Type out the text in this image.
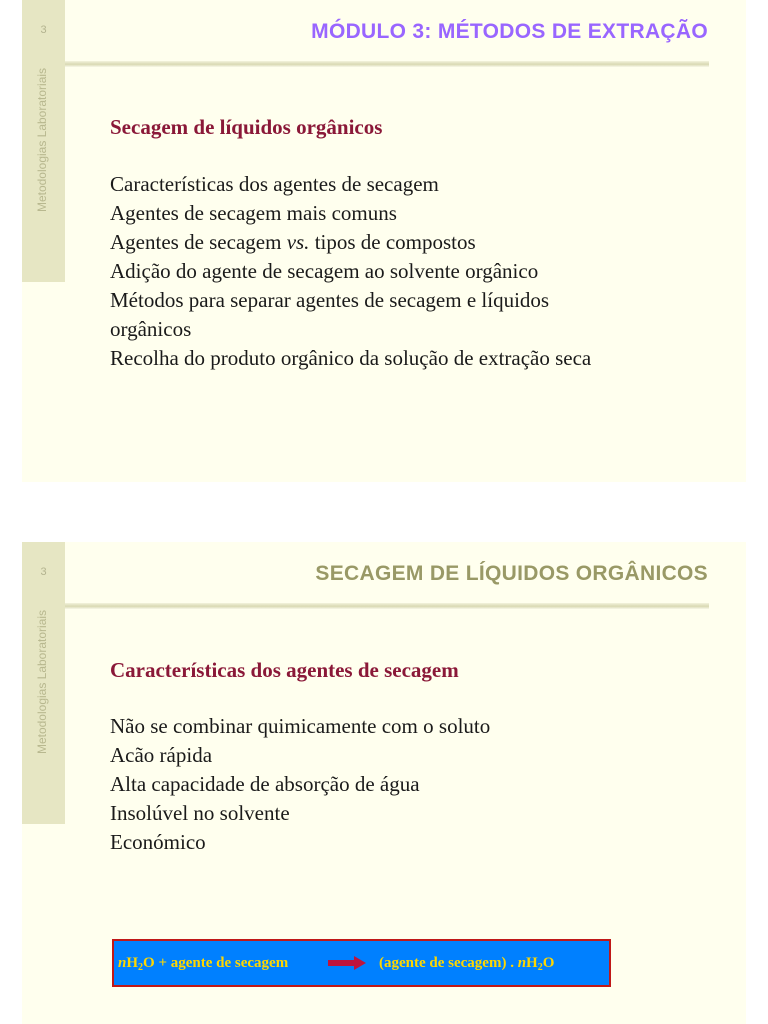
3
Metodologias Laboratoriais
MÓDULO 3: MÉTODOS DE EXTRAÇÃO
Secagem de líquidos orgânicos
Características dos agentes de secagem
Agentes de secagem mais comuns
Agentes de secagem vs. tipos de compostos
Adição do agente de secagem ao solvente orgânico
Métodos para separar agentes de secagem e líquidos
orgânicos
Recolha do produto orgânico da solução de extração seca
3
Metodologias Laboratoriais
SECAGEM DE LÍQUIDOS ORGÂNICOS
Características dos agentes de secagem
Não se combinar quimicamente com o soluto
Acão rápida
Alta capacidade de absorção de água
Insolúvel no solvente
Económico
$nH_2O$ + agente de secagem	→ (agente de secagem) . $nH_2O$
